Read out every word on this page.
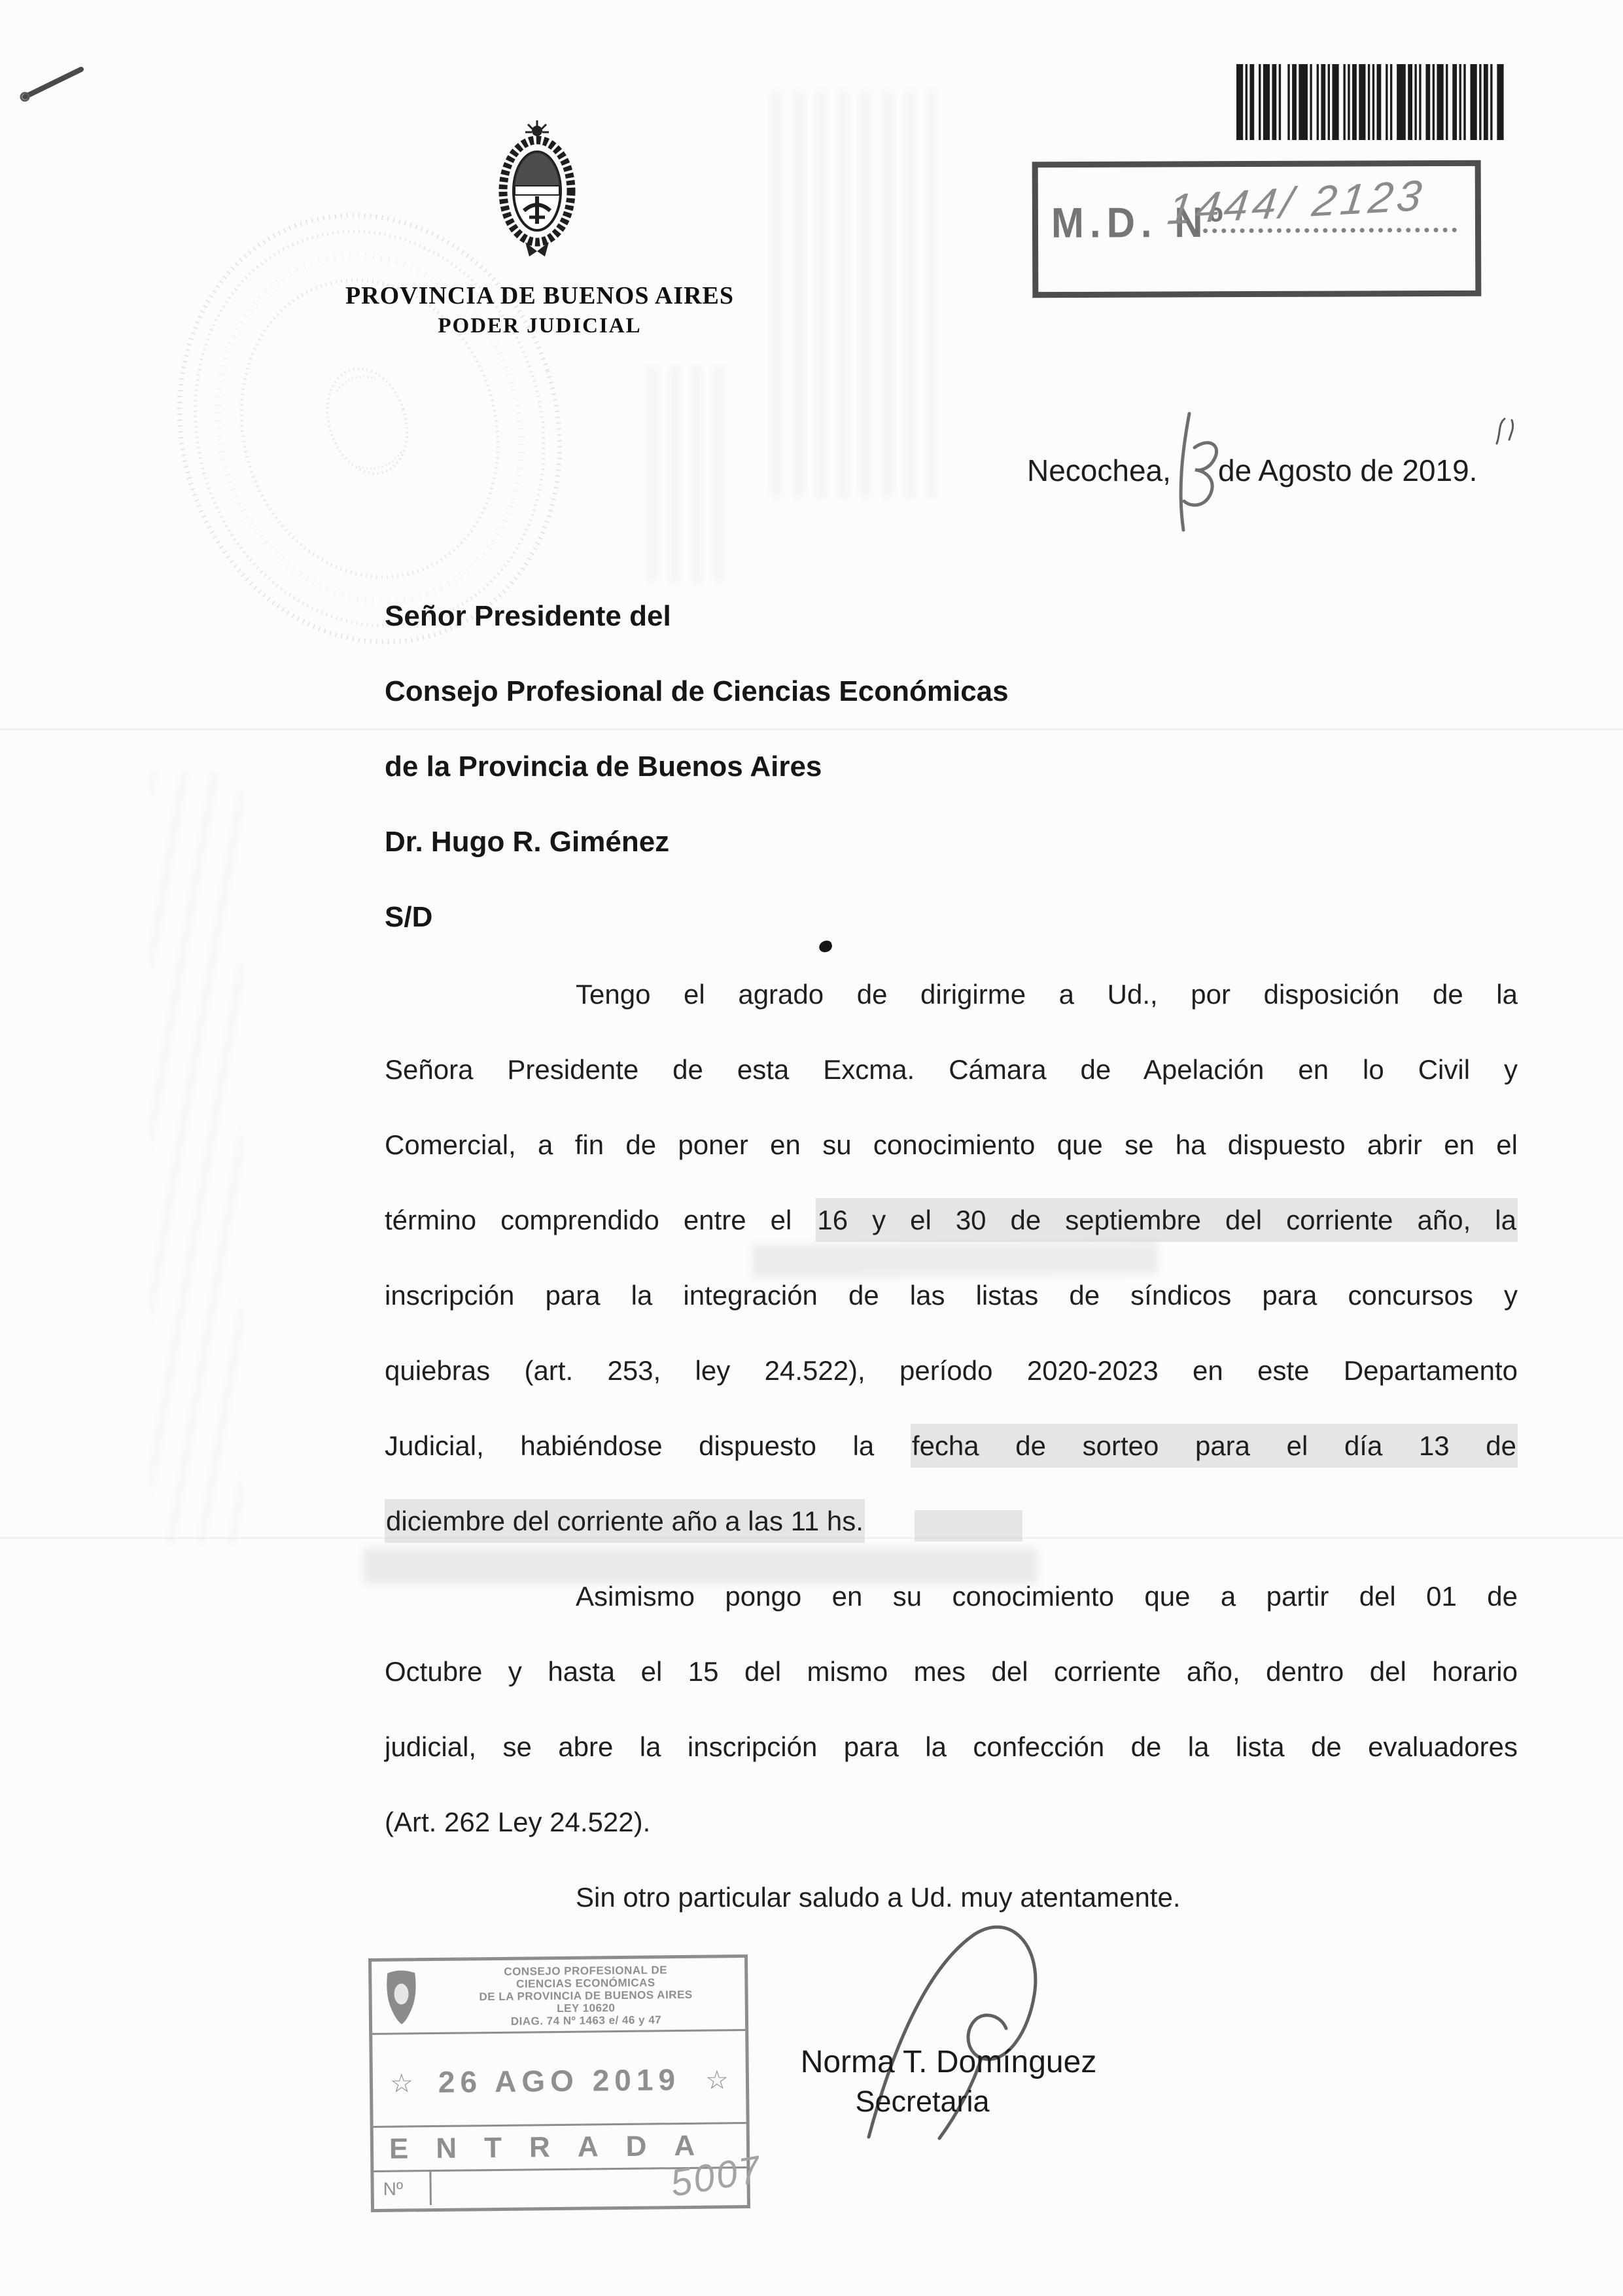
PROVINCIA DE BUENOS AIRES
PODER JUDICIAL
M.D. Nº
1444/ 2123
Necochea, de Agosto de 2019.
Señor Presidente del
Consejo Profesional de Ciencias Económicas
de la Provincia de Buenos Aires
Dr. Hugo R. Giménez
S/D
Tengo el agrado de dirigirme a Ud., por disposición de la
Señora Presidente de esta Excma. Cámara de Apelación en lo Civil y
Comercial, a fin de poner en su conocimiento que se ha dispuesto abrir en el
término comprendido entre el 16 y el 30 de septiembre del corriente año, la
inscripción para la integración de las listas de síndicos para concursos y
quiebras (art. 253, ley 24.522), período 2020-2023 en este Departamento
Judicial, habiéndose dispuesto la fecha de sorteo para el día 13 de
diciembre del corriente año a las 11 hs.
Asimismo pongo en su conocimiento que a partir del 01 de
Octubre y hasta el 15 del mismo mes del corriente año, dentro del horario
judicial, se abre la inscripción para la confección de la lista de evaluadores
(Art. 262 Ley 24.522).
Sin otro particular saludo a Ud. muy atentamente.
Norma T. Domínguez
Secretaria
CONSEJO PROFESIONAL DE
CIENCIAS ECONÓMICAS
DE LA PROVINCIA DE BUENOS AIRES
LEY 10620
DIAG. 74 Nº 1463 e/ 46 y 47
☆ 26 AGO 2019 ☆
ENTRADA
Nº	5007
